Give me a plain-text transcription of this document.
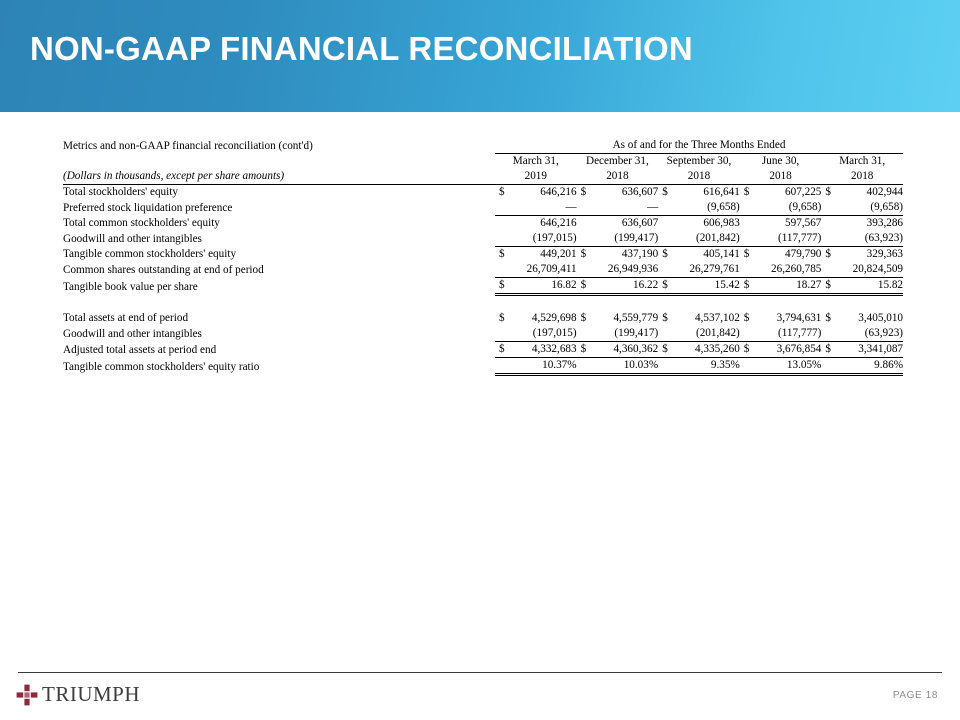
NON-GAAP FINANCIAL RECONCILIATION
Metrics and non-GAAP financial reconciliation (cont'd)	As of and for the Three Months Ended				
	March 31,	December 31,	September 30,	June 30,	March 31,
(Dollars in thousands, except per share amounts)	2019	2018	2018	2018	2018
Total stockholders' equity	$ 646,216	$ 636,607	$ 616,641	$ 607,225	$ 402,944
Preferred stock liquidation preference	—	—	(9,658)	(9,658)	(9,658)
Total common stockholders' equity	646,216	636,607	606,983	597,567	393,286
Goodwill and other intangibles	(197,015)	(199,417)	(201,842)	(117,777)	(63,923)
Tangible common stockholders' equity	$ 449,201	$ 437,190	$ 405,141	$ 479,790	$ 329,363
Common shares outstanding at end of period	26,709,411	26,949,936	26,279,761	26,260,785	20,824,509
Tangible book value per share	$ 16.82	$ 16.22	$ 15.42	$ 18.27	$ 15.82

Total assets at end of period	$ 4,529,698	$ 4,559,779	$ 4,537,102	$ 3,794,631	$ 3,405,010
Goodwill and other intangibles	(197,015)	(199,417)	(201,842)	(117,777)	(63,923)
Adjusted total assets at period end	$ 4,332,683	$ 4,360,362	$ 4,335,260	$ 3,676,854	$ 3,341,087
Tangible common stockholders' equity ratio	10.37%	10.03%	9.35%	13.05%	9.86%
TRIUMPH	PAGE 18
